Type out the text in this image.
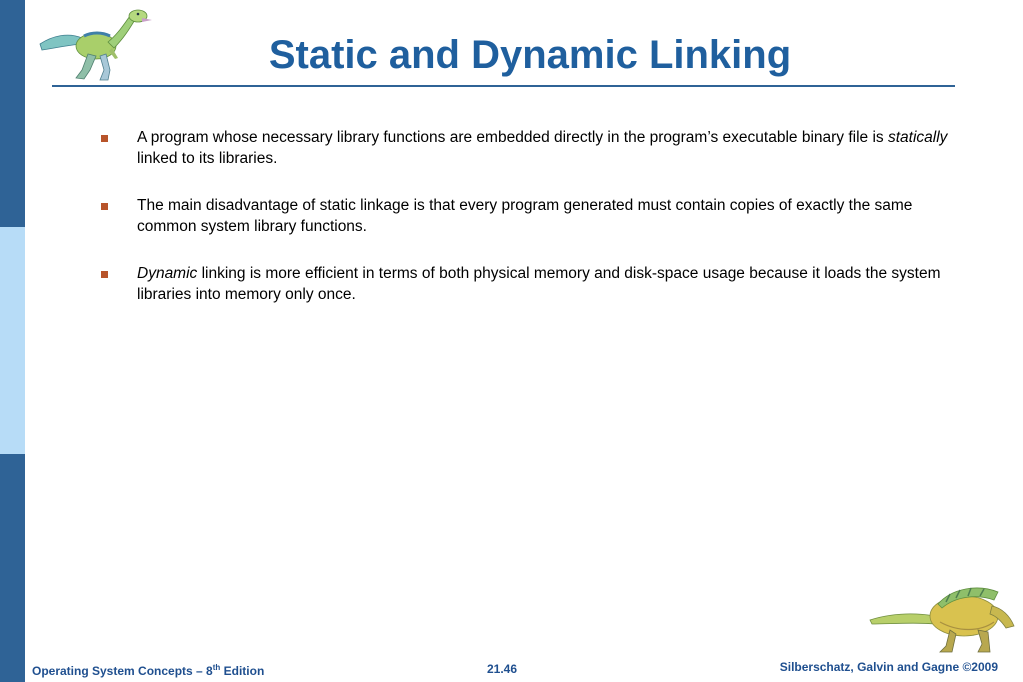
Static and Dynamic Linking
A program whose necessary library functions are embedded directly in the program’s executable binary file is statically linked to its libraries.
The main disadvantage of static linkage is that every program generated must contain copies of exactly the same common system library functions.
Dynamic linking is more efficient in terms of both physical memory and disk-space usage because it loads the system libraries into memory only once.
Operating System Concepts – 8th Edition	21.46	Silberschatz, Galvin and Gagne ©2009
